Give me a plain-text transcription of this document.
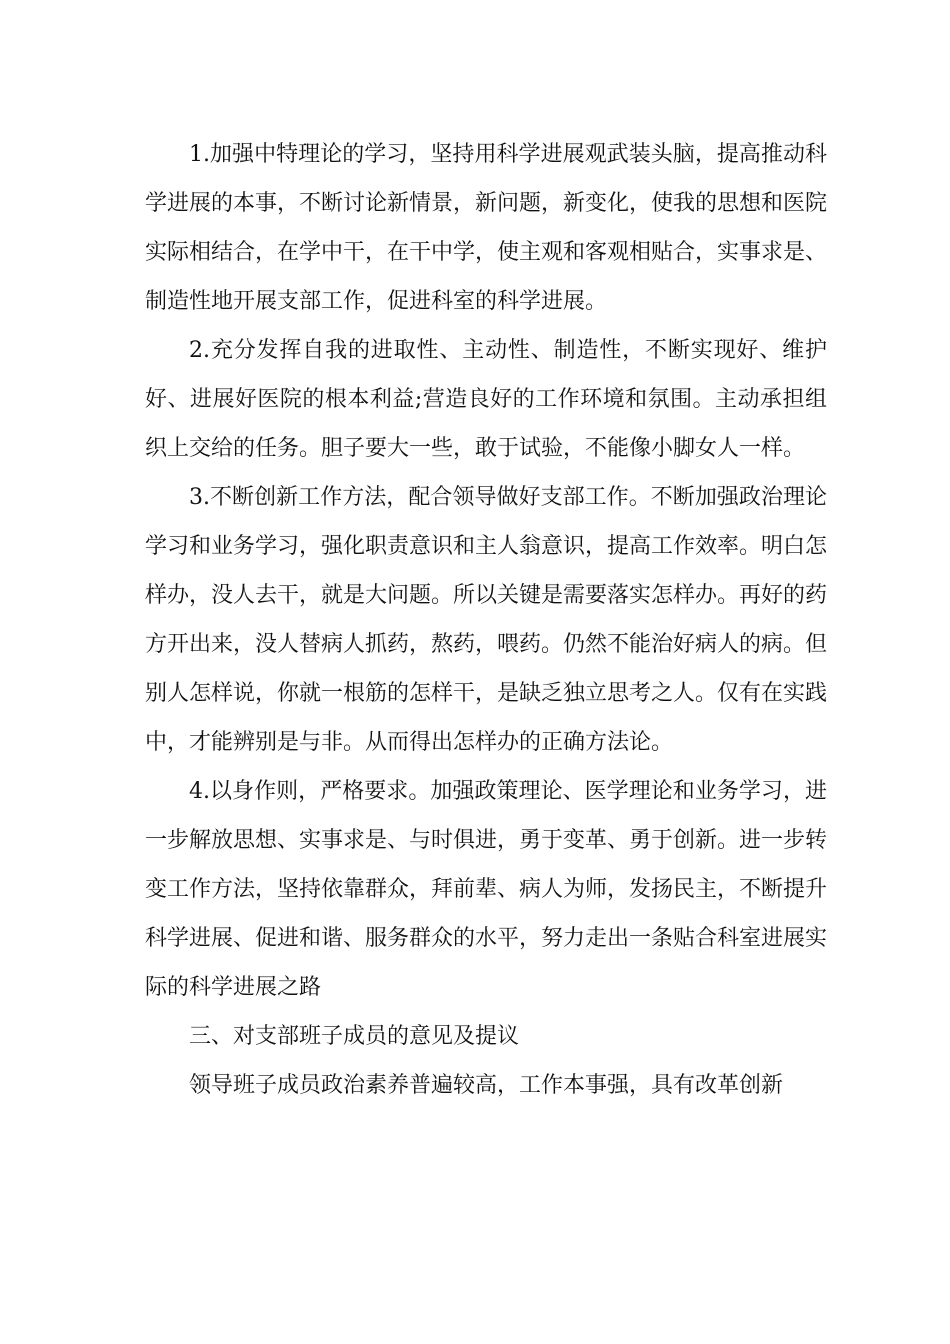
1.加强中特理论的学习，坚持用科学进展观武装头脑，提高推动科学进展的本事，不断讨论新情景，新问题，新变化，使我的思想和医院实际相结合，在学中干，在干中学，使主观和客观相贴合，实事求是、制造性地开展支部工作，促进科室的科学进展。

2.充分发挥自我的进取性、主动性、制造性，不断实现好、维护好、进展好医院的根本利益;营造良好的工作环境和氛围。主动承担组织上交给的任务。胆子要大一些，敢于试验，不能像小脚女人一样。

3.不断创新工作方法，配合领导做好支部工作。不断加强政治理论学习和业务学习，强化职责意识和主人翁意识，提高工作效率。明白怎样办，没人去干，就是大问题。所以关键是需要落实怎样办。再好的药方开出来，没人替病人抓药，熬药，喂药。仍然不能治好病人的病。但别人怎样说，你就一根筋的怎样干，是缺乏独立思考之人。仅有在实践中，才能辨别是与非。从而得出怎样办的正确方法论。

4.以身作则，严格要求。加强政策理论、医学理论和业务学习，进一步解放思想、实事求是、与时俱进，勇于变革、勇于创新。进一步转变工作方法，坚持依靠群众，拜前辈、病人为师，发扬民主，不断提升科学进展、促进和谐、服务群众的水平，努力走出一条贴合科室进展实际的科学进展之路

三、对支部班子成员的意见及提议

领导班子成员政治素养普遍较高，工作本事强，具有改革创新
